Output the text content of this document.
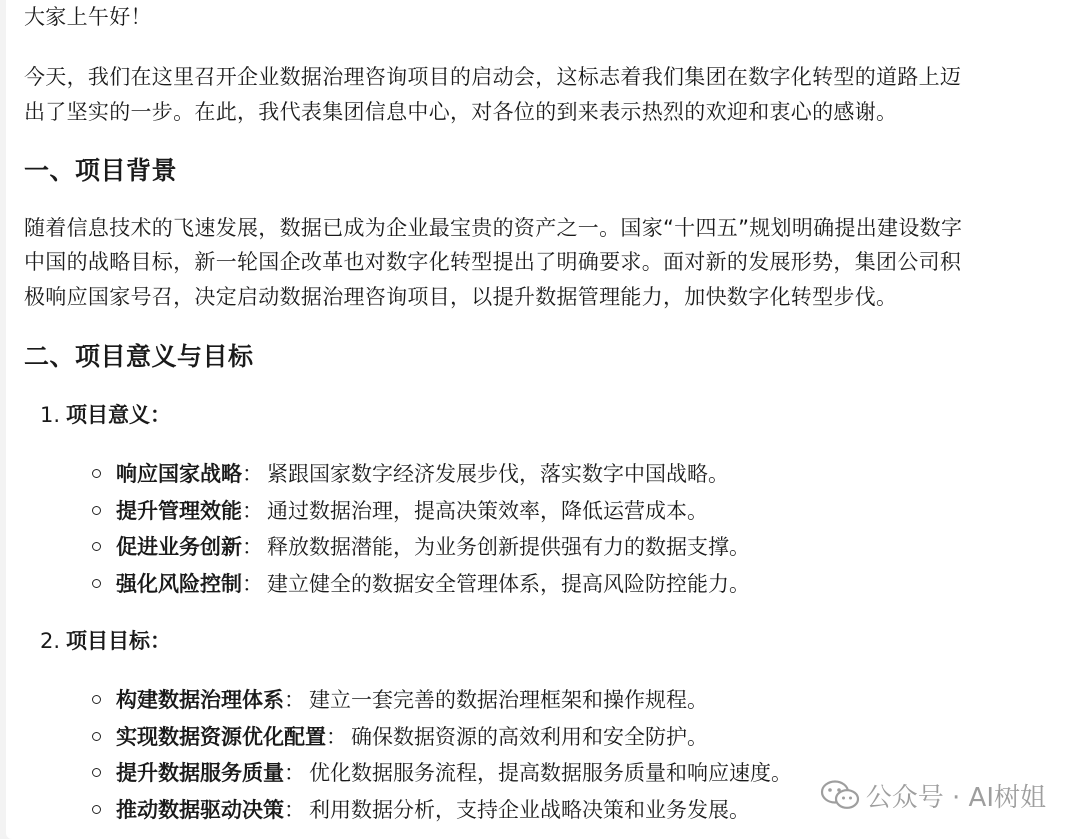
大家上午好！

今天，我们在这里召开企业数据治理咨询项目的启动会，这标志着我们集团在数字化转型的道路上迈

出了坚实的一步。在此，我代表集团信息中心，对各位的到来表示热烈的欢迎和衷心的感谢。

一、项目背景

随着信息技术的飞速发展，数据已成为企业最宝贵的资产之一。国家“十四五”规划明确提出建设数字

中国的战略目标，新一轮国企改革也对数字化转型提出了明确要求。面对新的发展形势，集团公司积

极响应国家号召，决定启动数据治理咨询项目，以提升数据管理能力，加快数字化转型步伐。

二、项目意义与目标

1. 项目意义：

响应国家战略： 紧跟国家数字经济发展步伐，落实数字中国战略。
提升管理效能： 通过数据治理，提高决策效率，降低运营成本。
促进业务创新： 释放数据潜能，为业务创新提供强有力的数据支撑。
强化风险控制： 建立健全的数据安全管理体系，提高风险防控能力。

2. 项目目标：

构建数据治理体系： 建立一套完善的数据治理框架和操作规程。
实现数据资源优化配置： 确保数据资源的高效利用和安全防护。
提升数据服务质量： 优化数据服务流程，提高数据服务质量和响应速度。
推动数据驱动决策： 利用数据分析，支持企业战略决策和业务发展。	公众号 · AI树姐
